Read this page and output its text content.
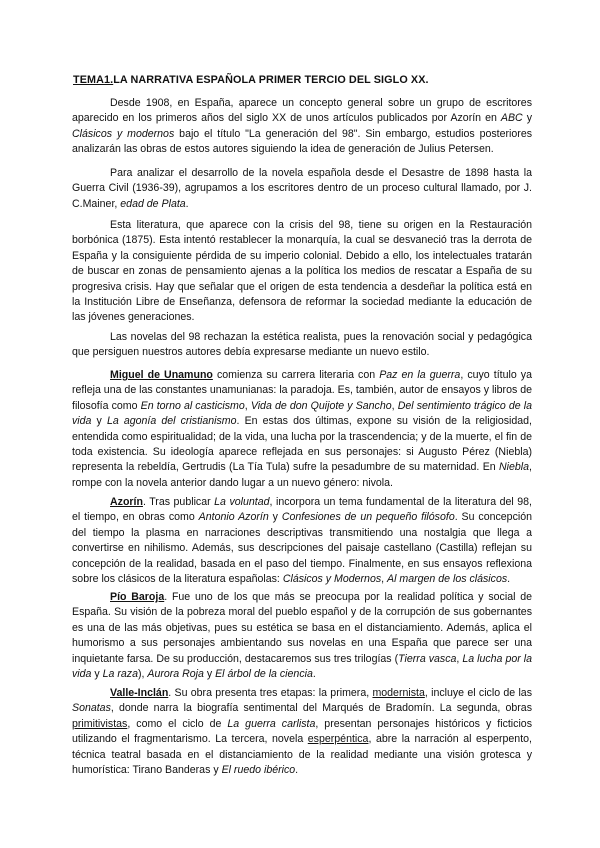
TEMA1.LA NARRATIVA ESPAÑOLA PRIMER TERCIO DEL SIGLO XX.

Desde 1908, en España, aparece un concepto general sobre un grupo de escritores aparecido en los primeros años del siglo XX de unos artículos publicados por Azorín en ABC y Clásicos y modernos bajo el título "La generación del 98". Sin embargo, estudios posteriores analizarán las obras de estos autores siguiendo la idea de generación de Julius Petersen.

Para analizar el desarrollo de la novela española desde el Desastre de 1898 hasta la Guerra Civil (1936-39), agrupamos a los escritores dentro de un proceso cultural llamado, por J. C.Mainer, edad de Plata.

Esta literatura, que aparece con la crisis del 98, tiene su origen en la Restauración borbónica (1875). Esta intentó restablecer la monarquía, la cual se desvaneció tras la derrota de España y la consiguiente pérdida de su imperio colonial. Debido a ello, los intelectuales tratarán de buscar en zonas de pensamiento ajenas a la política los medios de rescatar a España de su progresiva crisis. Hay que señalar que el origen de esta tendencia a desdeñar la política está en la Institución Libre de Enseñanza, defensora de reformar la sociedad mediante la educación de las jóvenes generaciones.

Las novelas del 98 rechazan la estética realista, pues la renovación social y pedagógica que persiguen nuestros autores debía expresarse mediante un nuevo estilo.

Miguel de Unamuno comienza su carrera literaria con Paz en la guerra, cuyo título ya refleja una de las constantes unamunianas: la paradoja. Es, también, autor de ensayos y libros de filosofía como En torno al casticismo, Vida de don Quijote y Sancho, Del sentimiento trágico de la vida y La agonía del cristianismo. En estas dos últimas, expone su visión de la religiosidad, entendida como espiritualidad; de la vida, una lucha por la trascendencia; y de la muerte, el fin de toda existencia. Su ideología aparece reflejada en sus personajes: si Augusto Pérez (Niebla) representa la rebeldía, Gertrudis (La Tía Tula) sufre la pesadumbre de su maternidad. En Niebla, rompe con la novela anterior dando lugar a un nuevo género: nivola.

Azorín. Tras publicar La voluntad, incorpora un tema fundamental de la literatura del 98, el tiempo, en obras como Antonio Azorín y Confesiones de un pequeño filósofo. Su concepción del tiempo la plasma en narraciones descriptivas transmitiendo una nostalgia que llega a convertirse en nihilismo. Además, sus descripciones del paisaje castellano (Castilla) reflejan su concepción de la realidad, basada en el paso del tiempo. Finalmente, en sus ensayos reflexiona sobre los clásicos de la literatura españolas: Clásicos y Modernos, Al margen de los clásicos.

Pío Baroja. Fue uno de los que más se preocupa por la realidad política y social de España. Su visión de la pobreza moral del pueblo español y de la corrupción de sus gobernantes es una de las más objetivas, pues su estética se basa en el distanciamiento. Además, aplica el humorismo a sus personajes ambientando sus novelas en una España que parece ser una inquietante farsa. De su producción, destacaremos sus tres trilogías (Tierra vasca, La lucha por la vida y La raza), Aurora Roja y El árbol de la ciencia.

Valle-Inclán. Su obra presenta tres etapas: la primera, modernista, incluye el ciclo de las Sonatas, donde narra la biografía sentimental del Marqués de Bradomín. La segunda, obras primitivistas, como el ciclo de La guerra carlista, presentan personajes históricos y ficticios utilizando el fragmentarismo. La tercera, novela esperpéntica, abre la narración al esperpento, técnica teatral basada en el distanciamiento de la realidad mediante una visión grotesca y humorística: Tirano Banderas y El ruedo ibérico.
